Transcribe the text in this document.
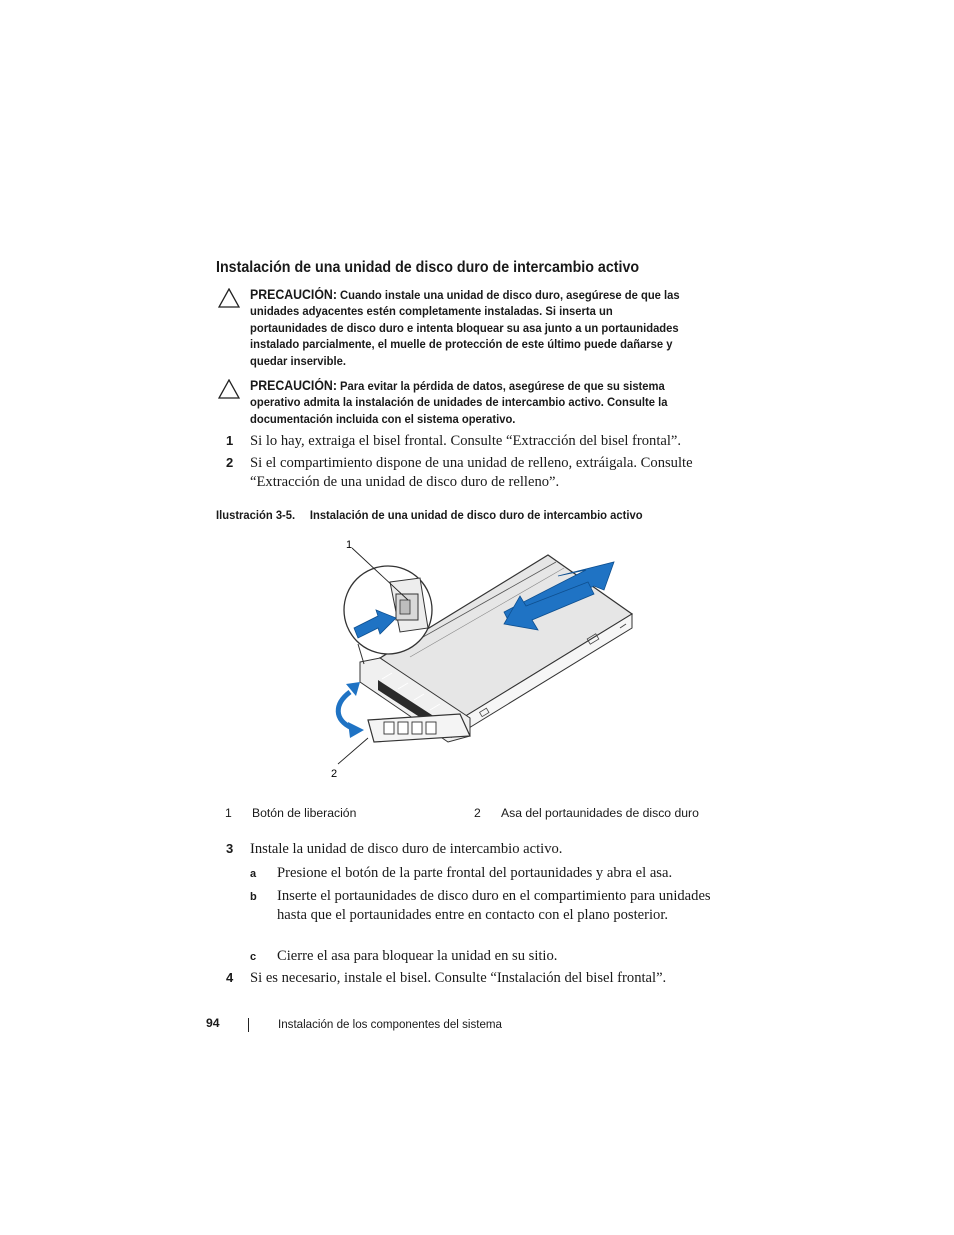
Instalación de una unidad de disco duro de intercambio activo
PRECAUCIÓN: Cuando instale una unidad de disco duro, asegúrese de que las unidades adyacentes estén completamente instaladas. Si inserta un portaunidades de disco duro e intenta bloquear su asa junto a un portaunidades instalado parcialmente, el muelle de protección de este último puede dañarse y quedar inservible.
PRECAUCIÓN: Para evitar la pérdida de datos, asegúrese de que su sistema operativo admita la instalación de unidades de intercambio activo. Consulte la documentación incluida con el sistema operativo.
1 Si lo hay, extraiga el bisel frontal. Consulte “Extracción del bisel frontal”.
2 Si el compartimiento dispone de una unidad de relleno, extráigala. Consulte “Extracción de una unidad de disco duro de relleno”.
Ilustración 3-5. Instalación de una unidad de disco duro de intercambio activo
1
2
1 Botón de liberación	2 Asa del portaunidades de disco duro
3 Instale la unidad de disco duro de intercambio activo.
a Presione el botón de la parte frontal del portaunidades y abra el asa.
b Inserte el portaunidades de disco duro en el compartimiento para unidades hasta que el portaunidades entre en contacto con el plano posterior.
c Cierre el asa para bloquear la unidad en su sitio.
4 Si es necesario, instale el bisel. Consulte “Instalación del bisel frontal”.
94	Instalación de los componentes del sistema
